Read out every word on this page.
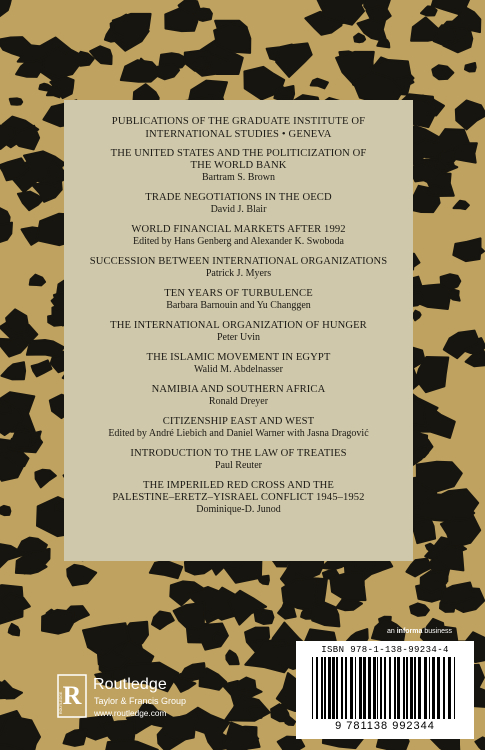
PUBLICATIONS OF THE GRADUATE INSTITUTE OF
INTERNATIONAL STUDIES • GENEVA
THE UNITED STATES AND THE POLITICIZATION OF
THE WORLD BANK
Bartram S. Brown
TRADE NEGOTIATIONS IN THE OECD
David J. Blair
WORLD FINANCIAL MARKETS AFTER 1992
Edited by Hans Genberg and Alexander K. Swoboda
SUCCESSION BETWEEN INTERNATIONAL ORGANIZATIONS
Patrick J. Myers
TEN YEARS OF TURBULENCE
Barbara Barnouin and Yu Changgen
THE INTERNATIONAL ORGANIZATION OF HUNGER
Peter Uvin
THE ISLAMIC MOVEMENT IN EGYPT
Walid M. Abdelnasser
NAMIBIA AND SOUTHERN AFRICA
Ronald Dreyer
CITIZENSHIP EAST AND WEST
Edited by André Liebich and Daniel Warner with Jasna Dragović
INTRODUCTION TO THE LAW OF TREATIES
Paul Reuter
THE IMPERILED RED CROSS AND THE
PALESTINE–ERETZ–YISRAEL CONFLICT 1945–1952
Dominique-D. Junod
an informa business
ISBN 978-1-138-99234-4
9 781138 992344
R
ROUTLEDGE
Routledge
Taylor & Francis Group
www.routledge.com
